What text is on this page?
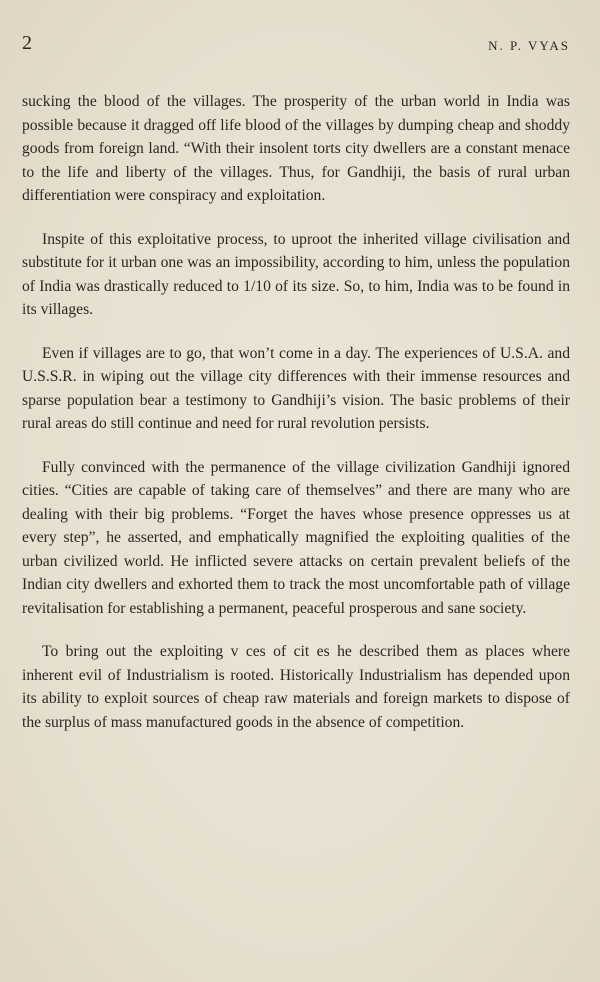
2	N. P. VYAS

sucking the blood of the villages. The prosperity of the urban world in India was possible because it dragged off life blood of the villages by dumping cheap and shoddy goods from foreign land. “With their insolent torts city dwellers are a constant menace to the life and liberty of the villages. Thus, for Gandhiji, the basis of rural urban differentiation were conspiracy and exploitation.

Inspite of this exploitative process, to uproot the inherited village civilisation and substitute for it urban one was an impossibility, according to him, unless the population of India was drastically reduced to 1/10 of its size. So, to him, India was to be found in its villages.

Even if villages are to go, that won’t come in a day. The experiences of U.S.A. and U.S.S.R. in wiping out the village city differences with their immense resources and sparse population bear a testimony to Gandhiji’s vision. The basic problems of their rural areas do still continue and need for rural revolution persists.

Fully convinced with the permanence of the village civilization Gandhiji ignored cities. “Cities are capable of taking care of themselves” and there are many who are dealing with their big problems. “Forget the haves whose presence oppresses us at every step”, he asserted, and emphatically magnified the exploiting qualities of the urban civilized world. He inflicted severe attacks on certain prevalent beliefs of the Indian city dwellers and exhorted them to track the most uncomfortable path of village revitalisation for establishing a permanent, peaceful prosperous and sane society.

To bring out the exploiting v ces of cit es he described them as places where inherent evil of Industrialism is rooted. Historically Industrialism has depended upon its ability to exploit sources of cheap raw materials and foreign markets to dispose of the surplus of mass manufactured goods in the absence of competition.
